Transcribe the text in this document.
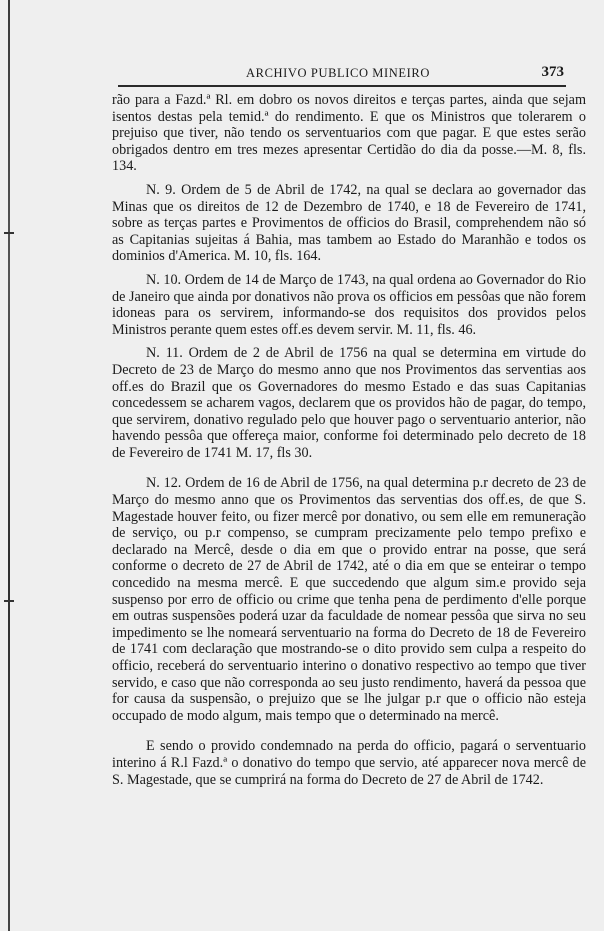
ARCHIVO PUBLICO MINEIRO	373

rão para a Fazd.ª Rl. em dobro os novos direitos e terças partes, ainda que sejam isentos destas pela temid.ª do rendimento. E que os Ministros que tolerarem o prejuiso que tiver, não tendo os serventuarios com que pagar. E que estes serão obrigados dentro em tres mezes apresentar Certidão do dia da posse.—M. 8, fls. 134.

N. 9. Ordem de 5 de Abril de 1742, na qual se declara ao governador das Minas que os direitos de 12 de Dezembro de 1740, e 18 de Fevereiro de 1741, sobre as terças partes e Provimentos de officios do Brasil, comprehendem não só as Capitanias sujeitas á Bahia, mas tambem ao Estado do Maranhão e todos os dominios d'America. M. 10, fls. 164.

N. 10. Ordem de 14 de Março de 1743, na qual ordena ao Governador do Rio de Janeiro que ainda por donativos não prova os officios em pessôas que não forem idoneas para os servirem, informando-se dos requisitos dos providos pelos Ministros perante quem estes off.es devem servir. M. 11, fls. 46.

N. 11. Ordem de 2 de Abril de 1756 na qual se determina em virtude do Decreto de 23 de Março do mesmo anno que nos Provimentos das serventias aos off.es do Brazil que os Governadores do mesmo Estado e das suas Capitanias concedessem se acharem vagos, declarem que os providos hão de pagar, do tempo, que servirem, donativo regulado pelo que houver pago o serventuario anterior, não havendo pessôa que offereça maior, conforme foi determinado pelo decreto de 18 de Fevereiro de 1741 M. 17, fls 30.

N. 12. Ordem de 16 de Abril de 1756, na qual determina p.r decreto de 23 de Março do mesmo anno que os Provimentos das serventias dos off.es, de que S. Magestade houver feito, ou fizer mercê por donativo, ou sem elle em remuneração de serviço, ou p.r compenso, se cumpram precizamente pelo tempo prefixo e declarado na Mercê, desde o dia em que o provido entrar na posse, que será conforme o decreto de 27 de Abril de 1742, até o dia em que se enteirar o tempo concedido na mesma mercê. E que succedendo que algum sim.e provido seja suspenso por erro de officio ou crime que tenha pena de perdimento d'elle porque em outras suspensões poderá uzar da faculdade de nomear pessôa que sirva no seu impedimento se lhe nomeará serventuario na forma do Decreto de 18 de Fevereiro de 1741 com declaração que mostrando-se o dito provido sem culpa a respeito do officio, receberá do serventuario interino o donativo respectivo ao tempo que tiver servido, e caso que não corresponda ao seu justo rendimento, haverá da pessoa que for causa da suspensão, o prejuizo que se lhe julgar p.r que o officio não esteja occupado de modo algum, mais tempo que o determinado na mercê.

E sendo o provido condemnado na perda do officio, pagará o serventuario interino á R.l Fazd.ª o donativo do tempo que servio, até apparecer nova mercê de S. Magestade, que se cumprirá na forma do Decreto de 27 de Abril de 1742.
